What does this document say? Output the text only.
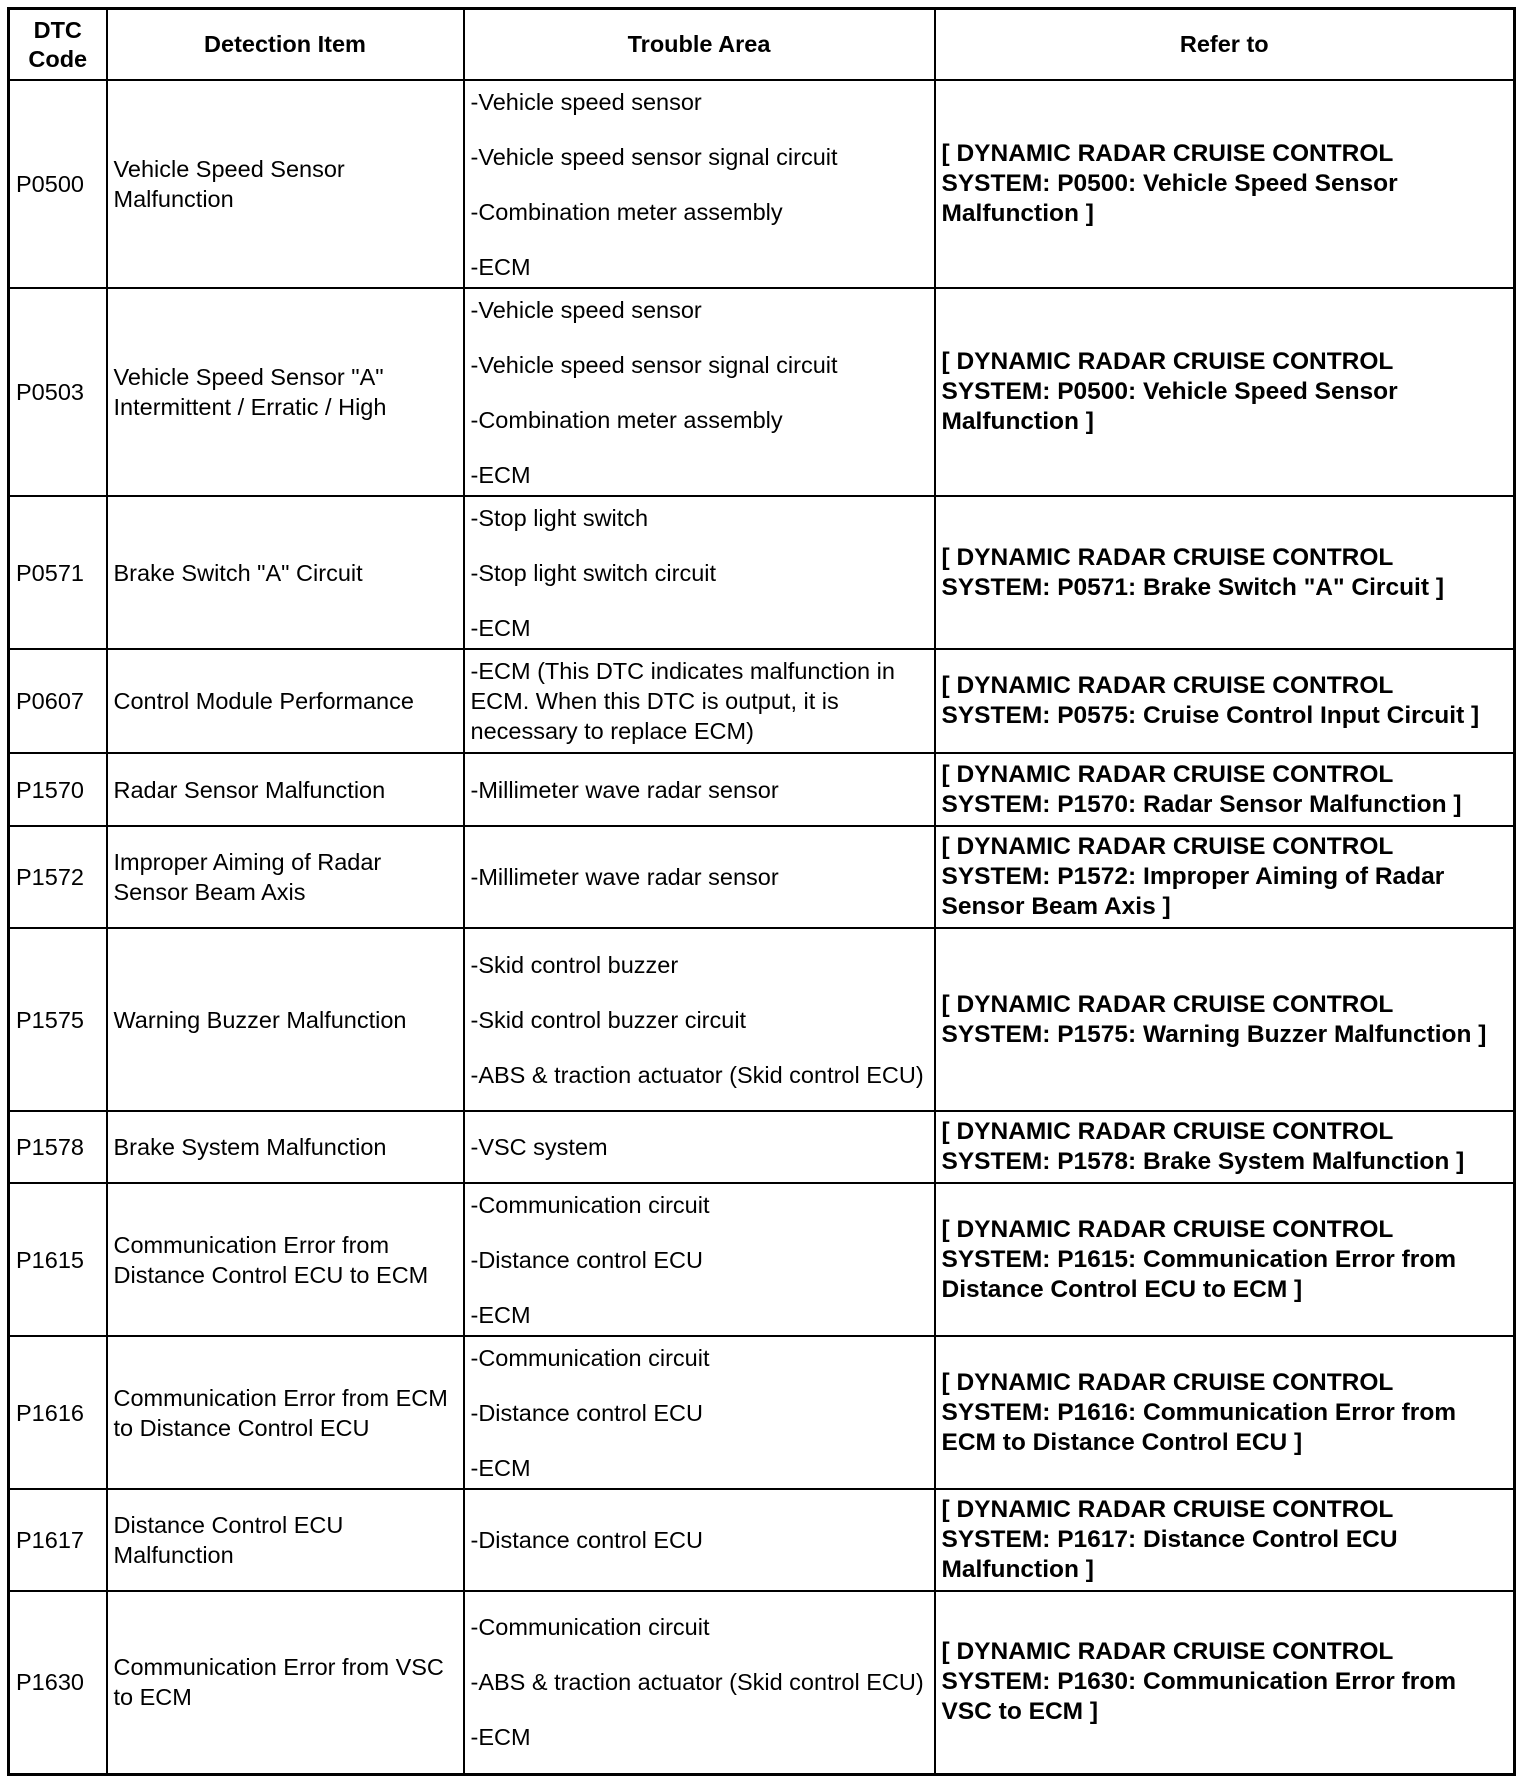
DTC Code	Detection Item	Trouble Area	Refer to
P0500	Vehicle Speed Sensor Malfunction	-Vehicle speed sensor
-Vehicle speed sensor signal circuit
-Combination meter assembly
-ECM	[ DYNAMIC RADAR CRUISE CONTROL SYSTEM: P0500: Vehicle Speed Sensor Malfunction ]
P0503	Vehicle Speed Sensor "A" Intermittent / Erratic / High	-Vehicle speed sensor
-Vehicle speed sensor signal circuit
-Combination meter assembly
-ECM	[ DYNAMIC RADAR CRUISE CONTROL SYSTEM: P0500: Vehicle Speed Sensor Malfunction ]
P0571	Brake Switch "A" Circuit	-Stop light switch
-Stop light switch circuit
-ECM	[ DYNAMIC RADAR CRUISE CONTROL SYSTEM: P0571: Brake Switch "A" Circuit ]
P0607	Control Module Performance	-ECM (This DTC indicates malfunction in ECM. When this DTC is output, it is necessary to replace ECM)	[ DYNAMIC RADAR CRUISE CONTROL SYSTEM: P0575: Cruise Control Input Circuit ]
P1570	Radar Sensor Malfunction	-Millimeter wave radar sensor	[ DYNAMIC RADAR CRUISE CONTROL SYSTEM: P1570: Radar Sensor Malfunction ]
P1572	Improper Aiming of Radar Sensor Beam Axis	-Millimeter wave radar sensor	[ DYNAMIC RADAR CRUISE CONTROL SYSTEM: P1572: Improper Aiming of Radar Sensor Beam Axis ]
P1575	Warning Buzzer Malfunction	-Skid control buzzer
-Skid control buzzer circuit
-ABS & traction actuator (Skid control ECU)	[ DYNAMIC RADAR CRUISE CONTROL SYSTEM: P1575: Warning Buzzer Malfunction ]
P1578	Brake System Malfunction	-VSC system	[ DYNAMIC RADAR CRUISE CONTROL SYSTEM: P1578: Brake System Malfunction ]
P1615	Communication Error from Distance Control ECU to ECM	-Communication circuit
-Distance control ECU
-ECM	[ DYNAMIC RADAR CRUISE CONTROL SYSTEM: P1615: Communication Error from Distance Control ECU to ECM ]
P1616	Communication Error from ECM to Distance Control ECU	-Communication circuit
-Distance control ECU
-ECM	[ DYNAMIC RADAR CRUISE CONTROL SYSTEM: P1616: Communication Error from ECM to Distance Control ECU ]
P1617	Distance Control ECU Malfunction	-Distance control ECU	[ DYNAMIC RADAR CRUISE CONTROL SYSTEM: P1617: Distance Control ECU Malfunction ]
P1630	Communication Error from VSC to ECM	-Communication circuit
-ABS & traction actuator (Skid control ECU)
-ECM	[ DYNAMIC RADAR CRUISE CONTROL SYSTEM: P1630: Communication Error from VSC to ECM ]
